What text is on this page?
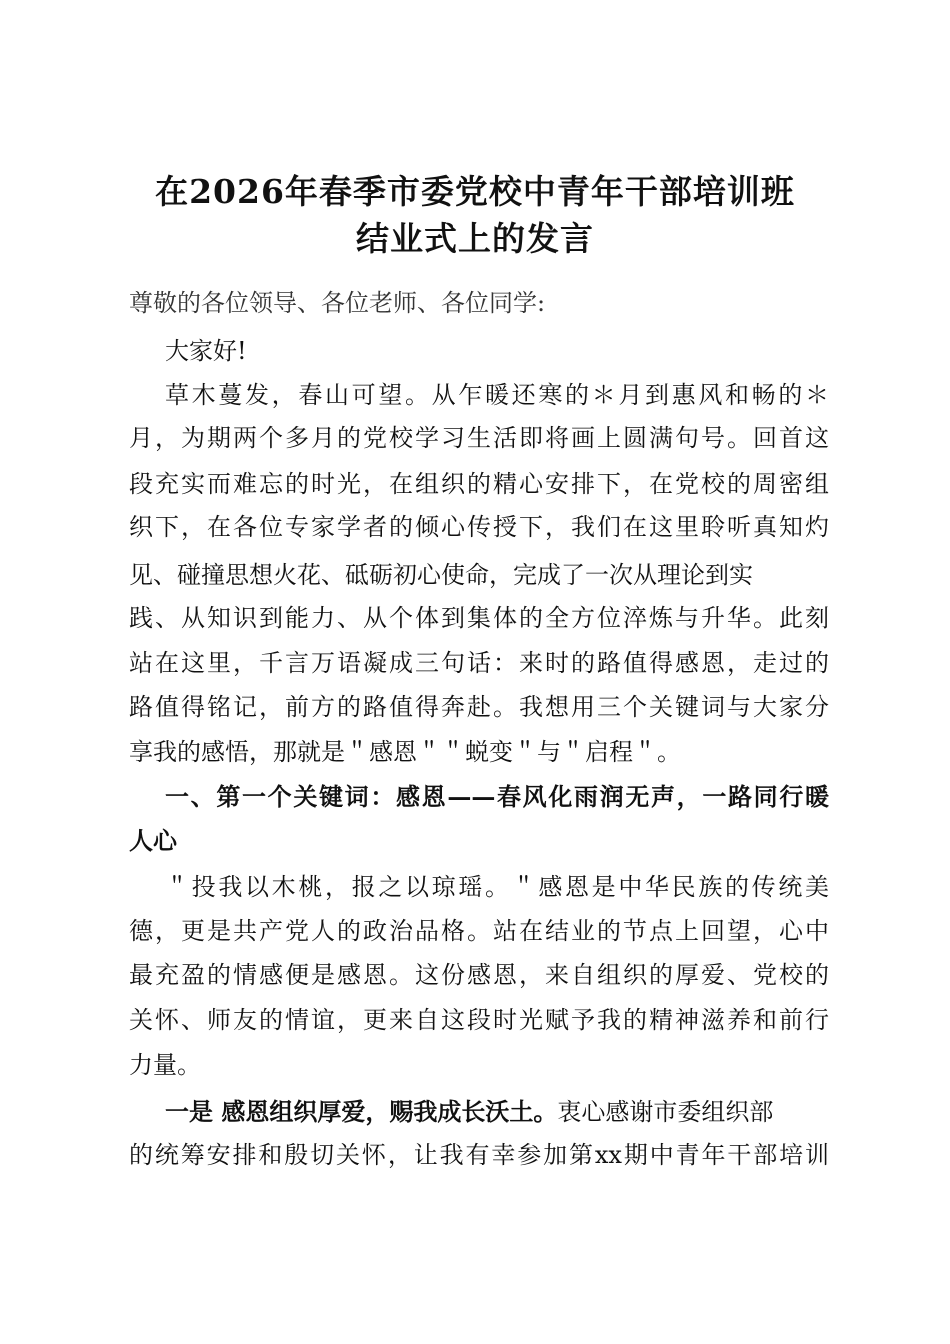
在2026年春季市委党校中青年干部培训班
结业式上的发言
尊敬的各位领导、各位老师、各位同学:
大家好!
草木蔓发，春山可望。从乍暖还寒的＊月到惠风和畅的＊
月，为期两个多月的党校学习生活即将画上圆满句号。回首这
段充实而难忘的时光，在组织的精心安排下，在党校的周密组
织下，在各位专家学者的倾心传授下，我们在这里聆听真知灼
见、碰撞思想火花、砥砺初心使命，完成了一次从理论到实
践、从知识到能力、从个体到集体的全方位淬炼与升华。此刻
站在这里，千言万语凝成三句话：来时的路值得感恩，走过的
路值得铭记，前方的路值得奔赴。我想用三个关键词与大家分
享我的感悟，那就是＂感恩＂＂蜕变＂与＂启程＂。
一、第一个关键词：感恩——春风化雨润无声，一路同行暖
人心
＂投我以木桃，报之以琼瑶。＂感恩是中华民族的传统美
德，更是共产党人的政治品格。站在结业的节点上回望，心中
最充盈的情感便是感恩。这份感恩，来自组织的厚爱、党校的
关怀、师友的情谊，更来自这段时光赋予我的精神滋养和前行
力量。
一是 感恩组织厚爱，赐我成长沃土。衷心感谢市委组织部
的统筹安排和殷切关怀，让我有幸参加第xx期中青年干部培训
